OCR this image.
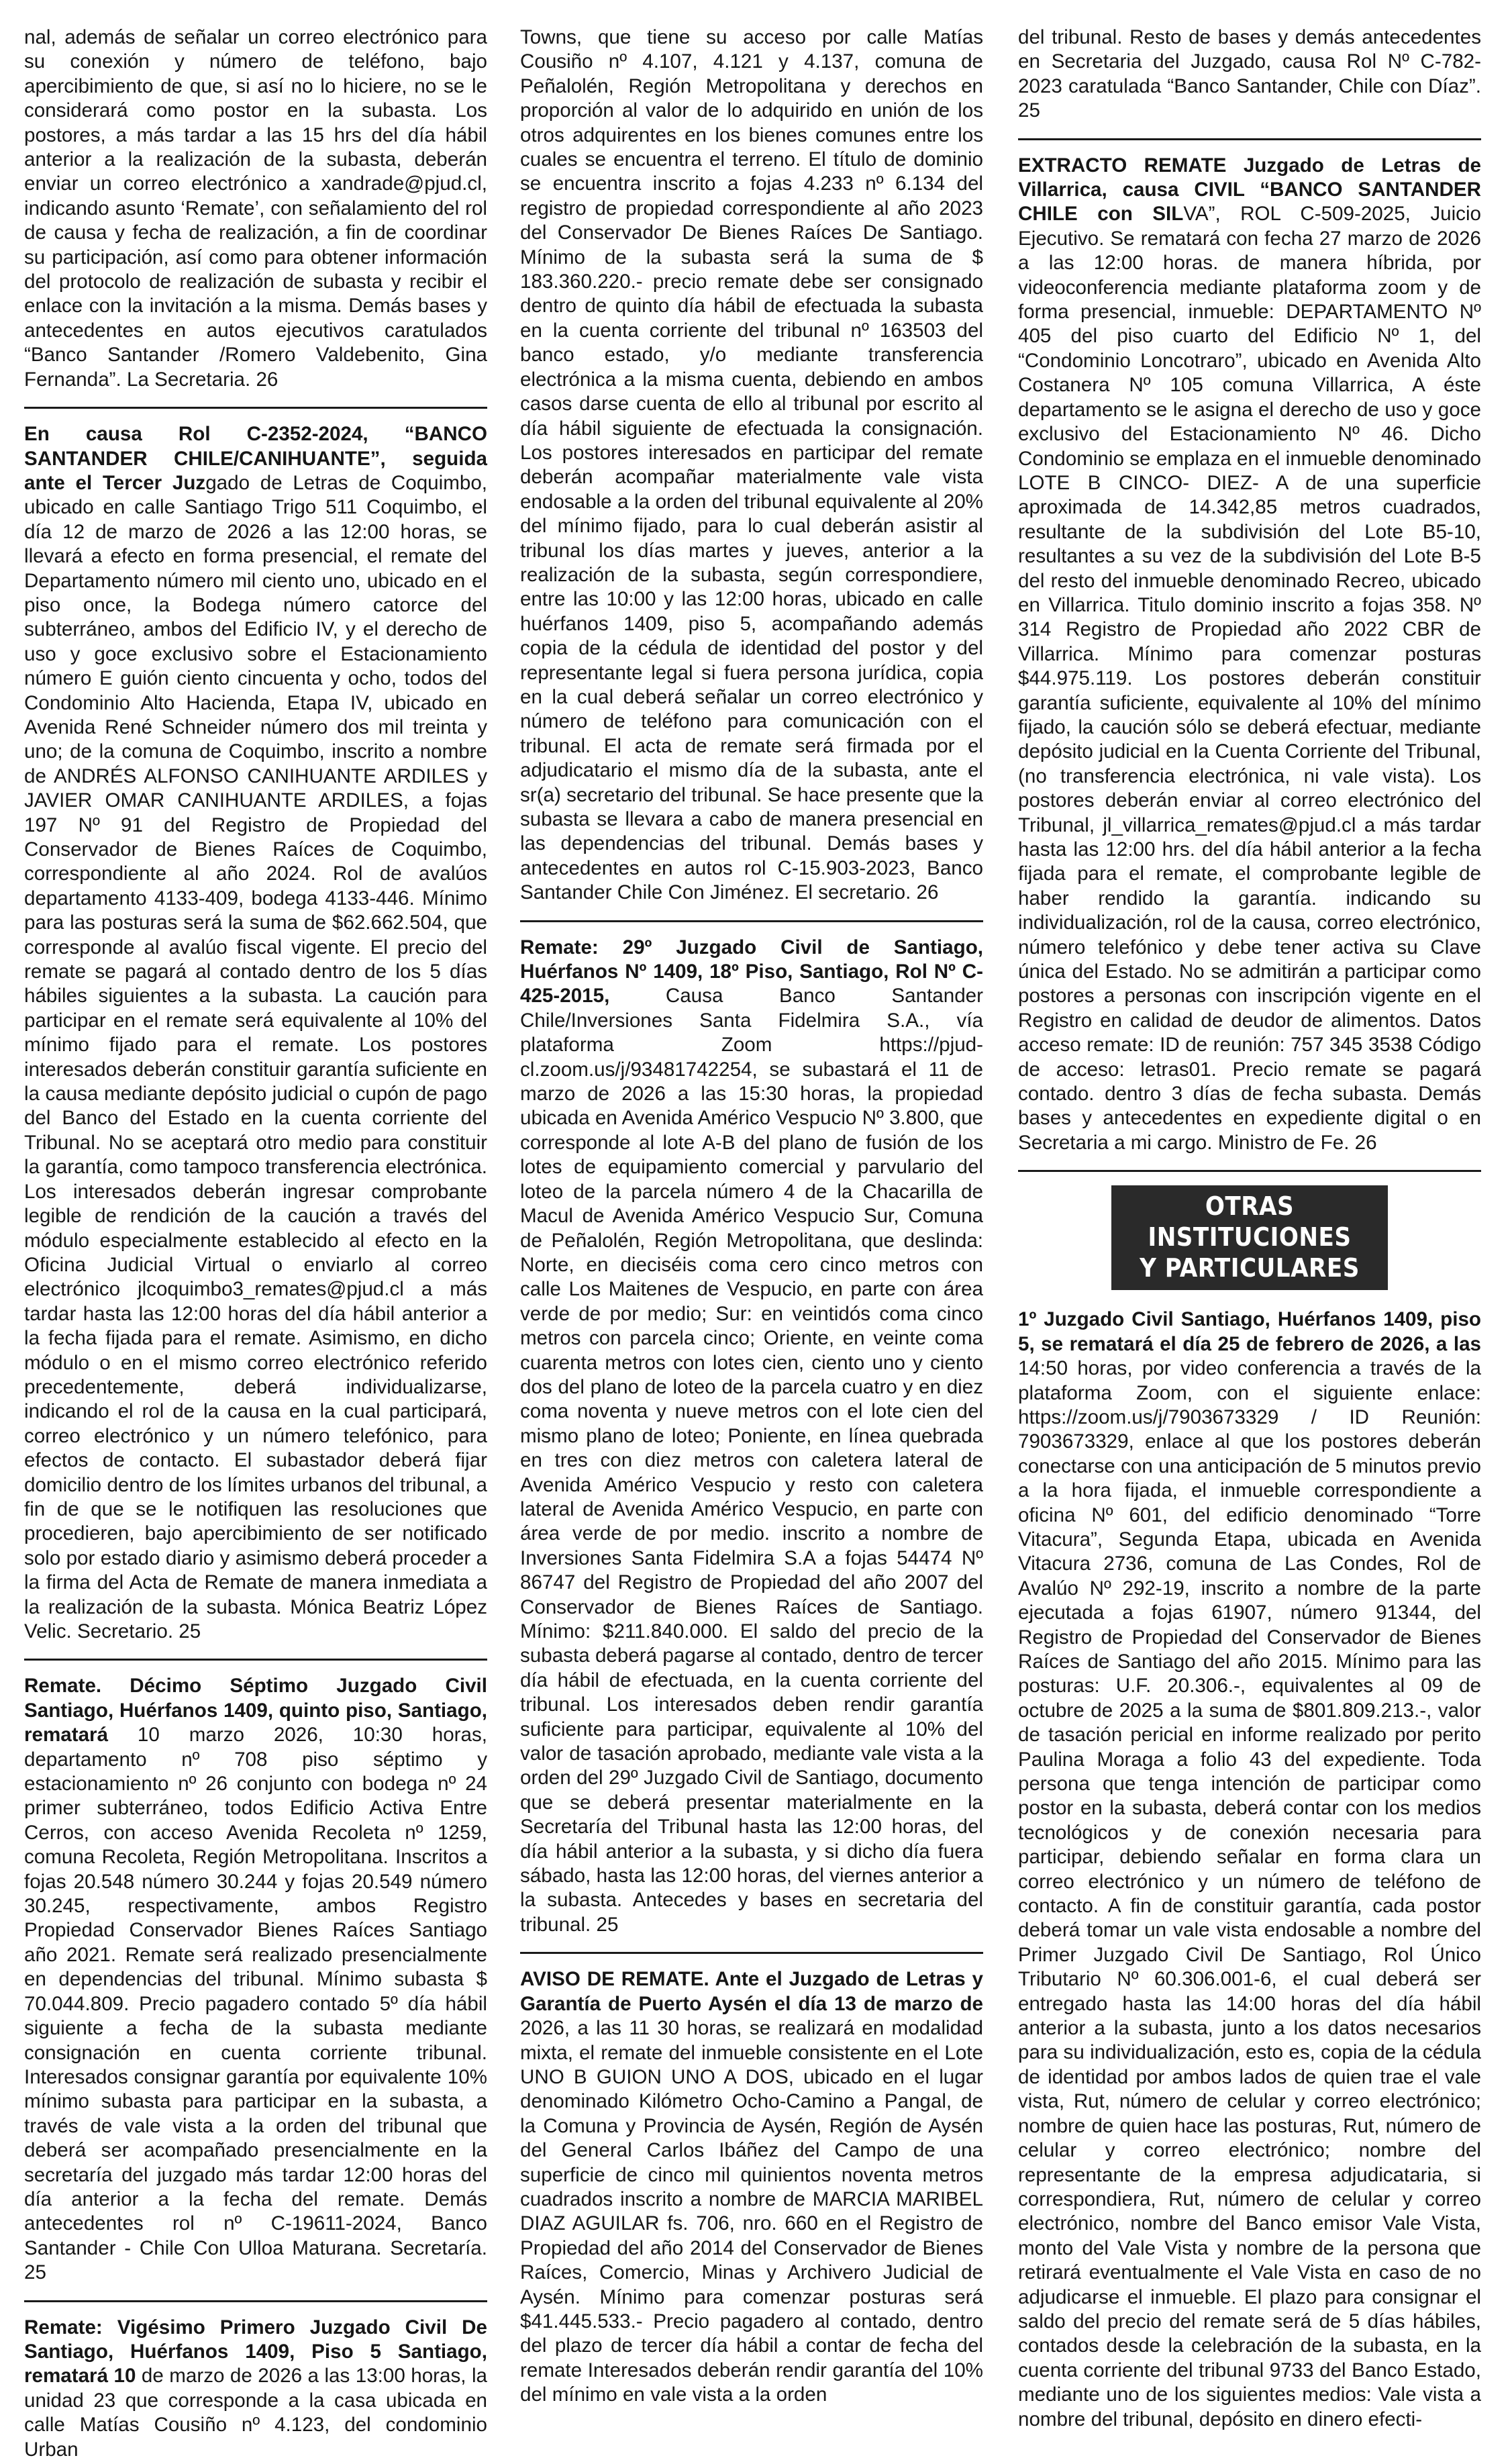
nal, además de señalar un correo electrónico para su conexión y número de teléfono, bajo apercibimiento de que, si así no lo hiciere, no se le considerará como postor en la subasta. Los postores, a más tardar a las 15 hrs del día hábil anterior a la realización de la subasta, deberán enviar un correo electrónico a xandrade@pjud.cl, indicando asunto ‘Remate’, con señalamiento del rol de causa y fecha de realización, a fin de coordinar su participación, así como para obtener información del protocolo de realización de subasta y recibir el enlace con la invitación a la misma. Demás bases y antecedentes en autos ejecutivos caratulados “Banco Santander /Romero Valdebenito, Gina Fernanda”. La Secretaria. 26

En causa Rol C-2352-2024, “BANCO SANTANDER CHILE/CANIHUANTE”, seguida ante el Tercer Juzgado de Letras de Coquimbo, ubicado en calle Santiago Trigo 511 Coquimbo, el día 12 de marzo de 2026 a las 12:00 horas, se llevará a efecto en forma presencial, el remate del Departamento número mil ciento uno, ubicado en el piso once, la Bodega número catorce del subterráneo, ambos del Edificio IV, y el derecho de uso y goce exclusivo sobre el Estacionamiento número E guión ciento cincuenta y ocho, todos del Condominio Alto Hacienda, Etapa IV, ubicado en Avenida René Schneider número dos mil treinta y uno; de la comuna de Coquimbo, inscrito a nombre de ANDRÉS ALFONSO CANIHUANTE ARDILES y JAVIER OMAR CANIHUANTE ARDILES, a fojas 197 Nº 91 del Registro de Propiedad del Conservador de Bienes Raíces de Coquimbo, correspondiente al año 2024. Rol de avalúos departamento 4133-409, bodega 4133-446. Mínimo para las posturas será la suma de $62.662.504, que corresponde al avalúo fiscal vigente. El precio del remate se pagará al contado dentro de los 5 días hábiles siguientes a la subasta. La caución para participar en el remate será equivalente al 10% del mínimo fijado para el remate. Los postores interesados deberán constituir garantía suficiente en la causa mediante depósito judicial o cupón de pago del Banco del Estado en la cuenta corriente del Tribunal. No se aceptará otro medio para constituir la garantía, como tampoco transferencia electrónica. Los interesados deberán ingresar comprobante legible de rendición de la caución a través del módulo especialmente establecido al efecto en la Oficina Judicial Virtual o enviarlo al correo electrónico jlcoquimbo3_remates@pjud.cl a más tardar hasta las 12:00 horas del día hábil anterior a la fecha fijada para el remate. Asimismo, en dicho módulo o en el mismo correo electrónico referido precedentemente, deberá individualizarse, indicando el rol de la causa en la cual participará, correo electrónico y un número telefónico, para efectos de contacto. El subastador deberá fijar domicilio dentro de los límites urbanos del tribunal, a fin de que se le notifiquen las resoluciones que procedieren, bajo apercibimiento de ser notificado solo por estado diario y asimismo deberá proceder a la firma del Acta de Remate de manera inmediata a la realización de la subasta. Mónica Beatriz López Velic. Secretario. 25

Remate. Décimo Séptimo Juzgado Civil Santiago, Huérfanos 1409, quinto piso, Santiago, rematará 10 marzo 2026, 10:30 horas, departamento nº 708 piso séptimo y estacionamiento nº 26 conjunto con bodega nº 24 primer subterráneo, todos Edificio Activa Entre Cerros, con acceso Avenida Recoleta nº 1259, comuna Recoleta, Región Metropolitana. Inscritos a fojas 20.548 número 30.244 y fojas 20.549 número 30.245, respectivamente, ambos Registro Propiedad Conservador Bienes Raíces Santiago año 2021. Remate será realizado presencialmente en dependencias del tribunal. Mínimo subasta $ 70.044.809. Precio pagadero contado 5º día hábil siguiente a fecha de la subasta mediante consignación en cuenta corriente tribunal. Interesados consignar garantía por equivalente 10% mínimo subasta para participar en la subasta, a través de vale vista a la orden del tribunal que deberá ser acompañado presencialmente en la secretaría del juzgado más tardar 12:00 horas del día anterior a la fecha del remate. Demás antecedentes rol nº C-19611-2024, Banco Santander - Chile Con Ulloa Maturana. Secretaría. 25

Remate: Vigésimo Primero Juzgado Civil De Santiago, Huérfanos 1409, Piso 5 Santiago, rematará 10 de marzo de 2026 a las 13:00 horas, la unidad 23 que corresponde a la casa ubicada en calle Matías Cousiño nº 4.123, del condominio Urban

Towns, que tiene su acceso por calle Matías Cousiño nº 4.107, 4.121 y 4.137, comuna de Peñalolén, Región Metropolitana y derechos en proporción al valor de lo adquirido en unión de los otros adquirentes en los bienes comunes entre los cuales se encuentra el terreno. El título de dominio se encuentra inscrito a fojas 4.233 nº 6.134 del registro de propiedad correspondiente al año 2023 del Conservador De Bienes Raíces De Santiago. Mínimo de la subasta será la suma de $ 183.360.220.- precio remate debe ser consignado dentro de quinto día hábil de efectuada la subasta en la cuenta corriente del tribunal nº 163503 del banco estado, y/o mediante transferencia electrónica a la misma cuenta, debiendo en ambos casos darse cuenta de ello al tribunal por escrito al día hábil siguiente de efectuada la consignación. Los postores interesados en participar del remate deberán acompañar materialmente vale vista endosable a la orden del tribunal equivalente al 20% del mínimo fijado, para lo cual deberán asistir al tribunal los días martes y jueves, anterior a la realización de la subasta, según correspondiere, entre las 10:00 y las 12:00 horas, ubicado en calle huérfanos 1409, piso 5, acompañando además copia de la cédula de identidad del postor y del representante legal si fuera persona jurídica, copia en la cual deberá señalar un correo electrónico y número de teléfono para comunicación con el tribunal. El acta de remate será firmada por el adjudicatario el mismo día de la subasta, ante el sr(a) secretario del tribunal. Se hace presente que la subasta se llevara a cabo de manera presencial en las dependencias del tribunal. Demás bases y antecedentes en autos rol C-15.903-2023, Banco Santander Chile Con Jiménez. El secretario. 26

Remate: 29º Juzgado Civil de Santiago, Huérfanos Nº 1409, 18º Piso, Santiago, Rol Nº C-425-2015, Causa Banco Santander Chile/Inversiones Santa Fidelmira S.A., vía plataforma Zoom https://pjud-cl.zoom.us/j/93481742254, se subastará el 11 de marzo de 2026 a las 15:30 horas, la propiedad ubicada en Avenida Américo Vespucio Nº 3.800, que corresponde al lote A-B del plano de fusión de los lotes de equipamiento comercial y parvulario del loteo de la parcela número 4 de la Chacarilla de Macul de Avenida Américo Vespucio Sur, Comuna de Peñalolén, Región Metropolitana, que deslinda: Norte, en dieciséis coma cero cinco metros con calle Los Maitenes de Vespucio, en parte con área verde de por medio; Sur: en veintidós coma cinco metros con parcela cinco; Oriente, en veinte coma cuarenta metros con lotes cien, ciento uno y ciento dos del plano de loteo de la parcela cuatro y en diez coma noventa y nueve metros con el lote cien del mismo plano de loteo; Poniente, en línea quebrada en tres con diez metros con caletera lateral de Avenida Américo Vespucio y resto con caletera lateral de Avenida Américo Vespucio, en parte con área verde de por medio. inscrito a nombre de Inversiones Santa Fidelmira S.A a fojas 54474 Nº 86747 del Registro de Propiedad del año 2007 del Conservador de Bienes Raíces de Santiago. Mínimo: $211.840.000. El saldo del precio de la subasta deberá pagarse al contado, dentro de tercer día hábil de efectuada, en la cuenta corriente del tribunal. Los interesados deben rendir garantía suficiente para participar, equivalente al 10% del valor de tasación aprobado, mediante vale vista a la orden del 29º Juzgado Civil de Santiago, documento que se deberá presentar materialmente en la Secretaría del Tribunal hasta las 12:00 horas, del día hábil anterior a la subasta, y si dicho día fuera sábado, hasta las 12:00 horas, del viernes anterior a la subasta. Antecedes y bases en secretaria del tribunal. 25

AVISO DE REMATE. Ante el Juzgado de Letras y Garantía de Puerto Aysén el día 13 de marzo de 2026, a las 11 30 horas, se realizará en modalidad mixta, el remate del inmueble consistente en el Lote UNO B GUION UNO A DOS, ubicado en el lugar denominado Kilómetro Ocho-Camino a Pangal, de la Comuna y Provincia de Aysén, Región de Aysén del General Carlos Ibáñez del Campo de una superficie de cinco mil quinientos noventa metros cuadrados inscrito a nombre de MARCIA MARIBEL DIAZ AGUILAR fs. 706, nro. 660 en el Registro de Propiedad del año 2014 del Conservador de Bienes Raíces, Comercio, Minas y Archivero Judicial de Aysén. Mínimo para comenzar posturas será $41.445.533.- Precio pagadero al contado, dentro del plazo de tercer día hábil a contar de fecha del remate Interesados deberán rendir garantía del 10% del mínimo en vale vista a la orden

del tribunal. Resto de bases y demás antecedentes en Secretaria del Juzgado, causa Rol Nº C-782-2023 caratulada “Banco Santander, Chile con Díaz”. 25

EXTRACTO REMATE Juzgado de Letras de Villarrica, causa CIVIL “BANCO SANTANDER CHILE con SILVA”, ROL C-509-2025, Juicio Ejecutivo. Se rematará con fecha 27 marzo de 2026 a las 12:00 horas. de manera híbrida, por videoconferencia mediante plataforma zoom y de forma presencial, inmueble: DEPARTAMENTO Nº 405 del piso cuarto del Edificio Nº 1, del “Condominio Loncotraro”, ubicado en Avenida Alto Costanera Nº 105 comuna Villarrica, A éste departamento se le asigna el derecho de uso y goce exclusivo del Estacionamiento Nº 46. Dicho Condominio se emplaza en el inmueble denominado LOTE B CINCO- DIEZ- A de una superficie aproximada de 14.342,85 metros cuadrados, resultante de la subdivisión del Lote B5-10, resultantes a su vez de la subdivisión del Lote B-5 del resto del inmueble denominado Recreo, ubicado en Villarrica. Titulo dominio inscrito a fojas 358. Nº 314 Registro de Propiedad año 2022 CBR de Villarrica. Mínimo para comenzar posturas $44.975.119. Los postores deberán constituir garantía suficiente, equivalente al 10% del mínimo fijado, la caución sólo se deberá efectuar, mediante depósito judicial en la Cuenta Corriente del Tribunal, (no transferencia electrónica, ni vale vista). Los postores deberán enviar al correo electrónico del Tribunal, jl_villarrica_remates@pjud.cl a más tardar hasta las 12:00 hrs. del día hábil anterior a la fecha fijada para el remate, el comprobante legible de haber rendido la garantía. indicando su individualización, rol de la causa, correo electrónico, número telefónico y debe tener activa su Clave única del Estado. No se admitirán a participar como postores a personas con inscripción vigente en el Registro en calidad de deudor de alimentos. Datos acceso remate: ID de reunión: 757 345 3538 Código de acceso: letras01. Precio remate se pagará contado. dentro 3 días de fecha subasta. Demás bases y antecedentes en expediente digital o en Secretaria a mi cargo. Ministro de Fe. 26

OTRAS INSTITUCIONES
Y PARTICULARES

1º Juzgado Civil Santiago, Huérfanos 1409, piso 5, se rematará el día 25 de febrero de 2026, a las 14:50 horas, por video conferencia a través de la plataforma Zoom, con el siguiente enlace: https://zoom.us/j/7903673329 / ID Reunión: 7903673329, enlace al que los postores deberán conectarse con una anticipación de 5 minutos previo a la hora fijada, el inmueble correspondiente a oficina Nº 601, del edificio denominado “Torre Vitacura”, Segunda Etapa, ubicada en Avenida Vitacura 2736, comuna de Las Condes, Rol de Avalúo Nº 292-19, inscrito a nombre de la parte ejecutada a fojas 61907, número 91344, del Registro de Propiedad del Conservador de Bienes Raíces de Santiago del año 2015. Mínimo para las posturas: U.F. 20.306.-, equivalentes al 09 de octubre de 2025 a la suma de $801.809.213.-, valor de tasación pericial en informe realizado por perito Paulina Moraga a folio 43 del expediente. Toda persona que tenga intención de participar como postor en la subasta, deberá contar con los medios tecnológicos y de conexión necesaria para participar, debiendo señalar en forma clara un correo electrónico y un número de teléfono de contacto. A fin de constituir garantía, cada postor deberá tomar un vale vista endosable a nombre del Primer Juzgado Civil De Santiago, Rol Único Tributario Nº 60.306.001-6, el cual deberá ser entregado hasta las 14:00 horas del día hábil anterior a la subasta, junto a los datos necesarios para su individualización, esto es, copia de la cédula de identidad por ambos lados de quien trae el vale vista, Rut, número de celular y correo electrónico; nombre de quien hace las posturas, Rut, número de celular y correo electrónico; nombre del representante de la empresa adjudicataria, si correspondiera, Rut, número de celular y correo electrónico, nombre del Banco emisor Vale Vista, monto del Vale Vista y nombre de la persona que retirará eventualmente el Vale Vista en caso de no adjudicarse el inmueble. El plazo para consignar el saldo del precio del remate será de 5 días hábiles, contados desde la celebración de la subasta, en la cuenta corriente del tribunal 9733 del Banco Estado, mediante uno de los siguientes medios: Vale vista a nombre del tribunal, depósito en dinero efecti-
